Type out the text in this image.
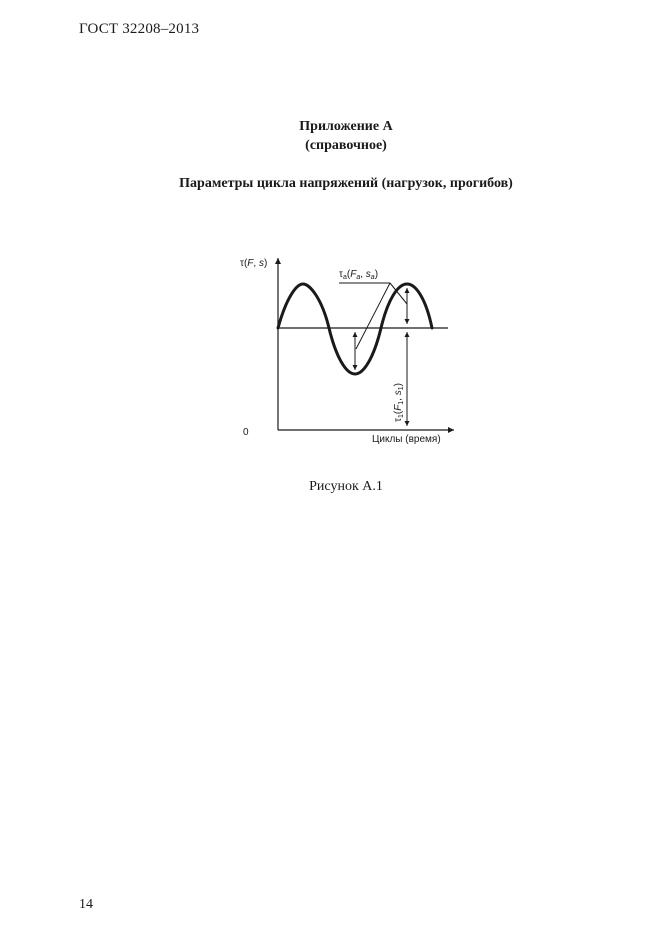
ГОСТ 32208–2013
Приложение А
(справочное)
Параметры цикла напряжений (нагрузок, прогибов)
τ(F, s)
$\tau_a(F_a$, $s_a$)
$\tau_1(F_1$, $s_1$)
0
Циклы (время)
Рисунок А.1
14
